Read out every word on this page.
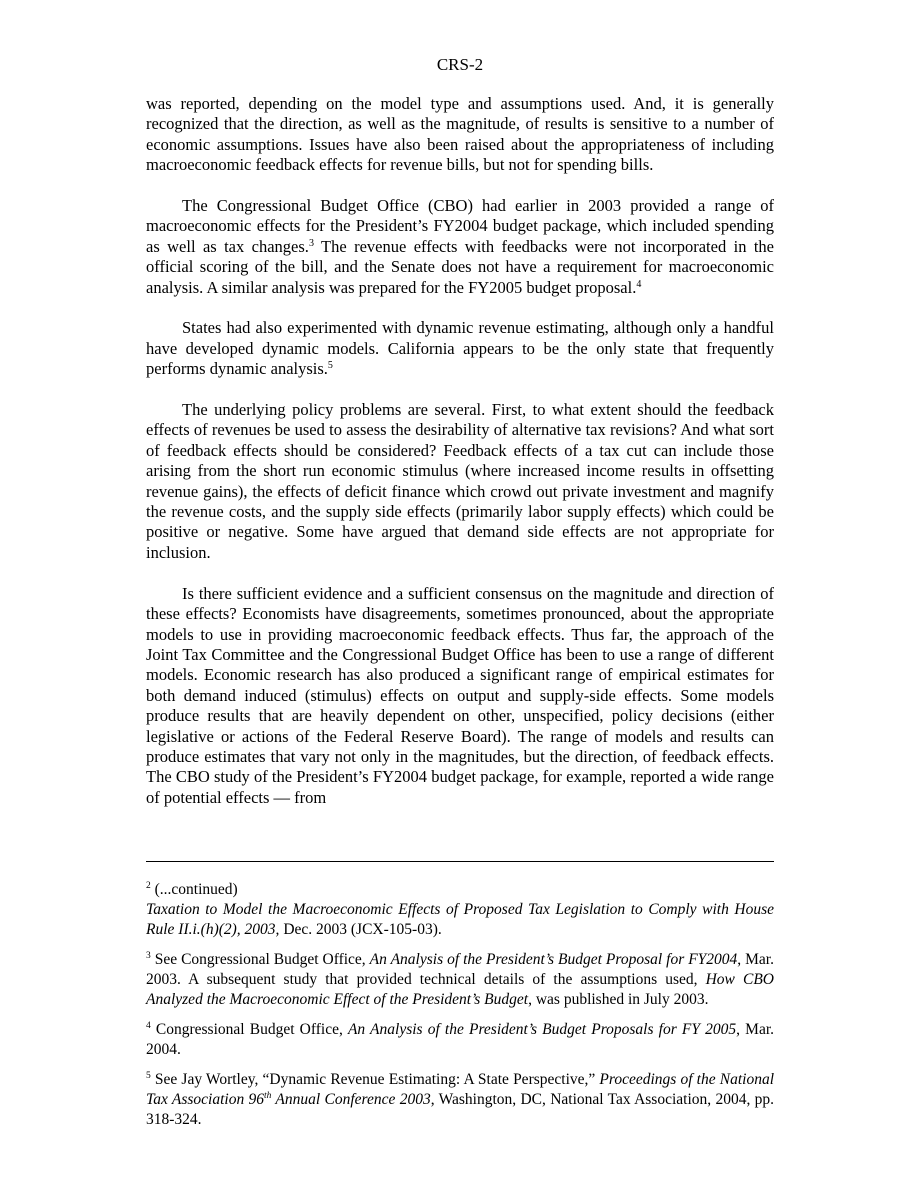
CRS-2

was reported, depending on the model type and assumptions used. And, it is generally recognized that the direction, as well as the magnitude, of results is sensitive to a number of economic assumptions. Issues have also been raised about the appropriateness of including macroeconomic feedback effects for revenue bills, but not for spending bills.

The Congressional Budget Office (CBO) had earlier in 2003 provided a range of macroeconomic effects for the President’s FY2004 budget package, which included spending as well as tax changes.$^3$ The revenue effects with feedbacks were not incorporated in the official scoring of the bill, and the Senate does not have a requirement for macroeconomic analysis. A similar analysis was prepared for the FY2005 budget proposal.$^4$

States had also experimented with dynamic revenue estimating, although only a handful have developed dynamic models. California appears to be the only state that frequently performs dynamic analysis.$^5$

The underlying policy problems are several. First, to what extent should the feedback effects of revenues be used to assess the desirability of alternative tax revisions? And what sort of feedback effects should be considered? Feedback effects of a tax cut can include those arising from the short run economic stimulus (where increased income results in offsetting revenue gains), the effects of deficit finance which crowd out private investment and magnify the revenue costs, and the supply side effects (primarily labor supply effects) which could be positive or negative. Some have argued that demand side effects are not appropriate for inclusion.

Is there sufficient evidence and a sufficient consensus on the magnitude and direction of these effects? Economists have disagreements, sometimes pronounced, about the appropriate models to use in providing macroeconomic feedback effects. Thus far, the approach of the Joint Tax Committee and the Congressional Budget Office has been to use a range of different models. Economic research has also produced a significant range of empirical estimates for both demand induced (stimulus) effects on output and supply-side effects. Some models produce results that are heavily dependent on other, unspecified, policy decisions (either legislative or actions of the Federal Reserve Board). The range of models and results can produce estimates that vary not only in the magnitudes, but the direction, of feedback effects. The CBO study of the President’s FY2004 budget package, for example, reported a wide range of potential effects — from

$^2$ (...continued)
Taxation to Model the Macroeconomic Effects of Proposed Tax Legislation to Comply with House Rule II.i.(h)(2), 2003, Dec. 2003 (JCX-105-03).

$^3$ See Congressional Budget Office, An Analysis of the President’s Budget Proposal for FY2004, Mar. 2003. A subsequent study that provided technical details of the assumptions used, How CBO Analyzed the Macroeconomic Effect of the President’s Budget, was published in July 2003.

$^4$ Congressional Budget Office, An Analysis of the President’s Budget Proposals for FY 2005, Mar. 2004.

$^5$ See Jay Wortley, “Dynamic Revenue Estimating: A State Perspective,” Proceedings of the National Tax Association 96th Annual Conference 2003, Washington, DC, National Tax Association, 2004, pp. 318-324.
